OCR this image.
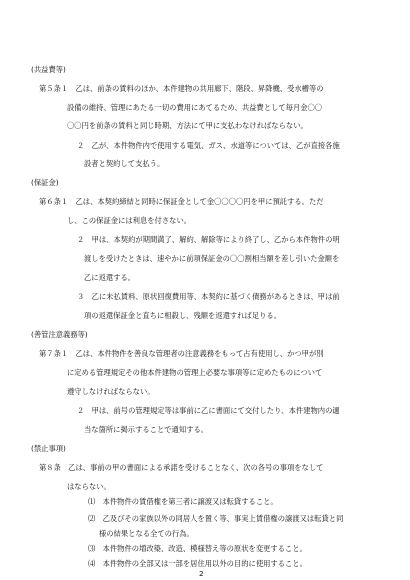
(共益費等)
第５条１　乙は、前条の賃料のほか、本件建物の共用廊下、階段、昇降機、受水槽等の
設備の維持、管理にあたる一切の費用にあてるため、共益費として毎月金〇〇
〇〇円を前条の賃料と同じ時期、方法にて甲に支払わなければならない。
２　乙が、本件物件内で使用する電気、ガス、水道等については、乙が直接各施
設者と契約して支払う。
(保証金)
第６条１　乙は、本契約締結と同時に保証金として金〇〇〇〇円を甲に預託する。ただ
し、この保証金には利息を付さない。
２　甲は、本契約が期間満了、解約、解除等により終了し、乙から本件物件の明
渡しを受けたときは、速やかに前項保証金の〇〇割相当額を差し引いた金額を
乙に返還する。
３　乙に未払賃料、原状回復費用等、本契約に基づく債務があるときは、甲は前
項の返還保証金と直ちに相殺し、残額を返還すれば足りる。
(善管注意義務等)
第７条１　乙は、本件物件を善良な管理者の注意義務をもって占有使用し、かつ甲が別
に定める管理規定その他本件建物の管理上必要な事項等に定めたものについて
遵守しなければならない。
２　甲は、前号の管理規定等は事前に乙に書面にて交付したり、本件建物内の適
当な箇所に掲示することで通知する。
(禁止事項)
第８条　乙は、事前の甲の書面による承諾を受けることなく、次の各号の事項をなして
はならない。
⑴　本件物件の賃借権を第三者に譲渡又は転貸すること。
⑵　乙及びその家族以外の同居人を置く等、事実上賃借権の譲渡又は転貸と同
様の結果となる全ての行為。
⑶　本件物件の増改築、改造、模様替え等の原状を変更すること。
⑷　本件物件の全部又は一部を居住用以外の目的に使用すること。
2
